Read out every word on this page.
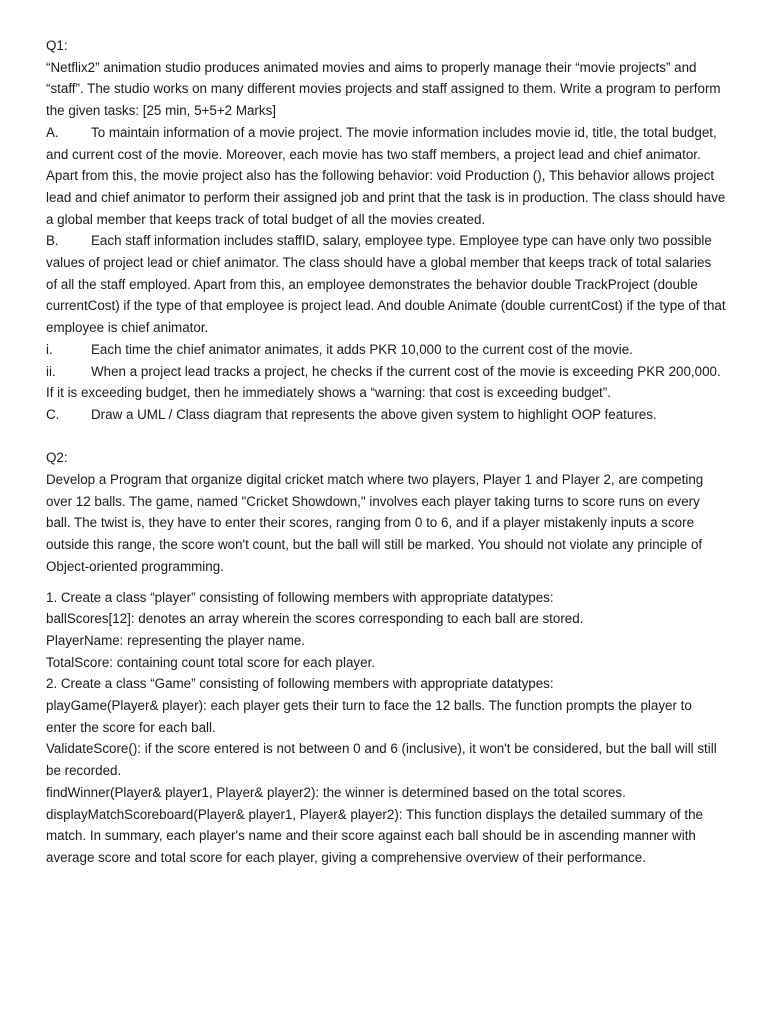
Q1:

“Netflix2” animation studio produces animated movies and aims to properly manage their “movie projects” and “staff”. The studio works on many different movies projects and staff assigned to them. Write a program to perform the given tasks: [25 min, 5+5+2 Marks]

A. To maintain information of a movie project. The movie information includes movie id, title, the total budget, and current cost of the movie. Moreover, each movie has two staff members, a project lead and chief animator. Apart from this, the movie project also has the following behavior: void Production (), This behavior allows project lead and chief animator to perform their assigned job and print that the task is in production. The class should have a global member that keeps track of total budget of all the movies created.

B. Each staff information includes staffID, salary, employee type. Employee type can have only two possible values of project lead or chief animator. The class should have a global member that keeps track of total salaries of all the staff employed. Apart from this, an employee demonstrates the behavior double TrackProject (double currentCost) if the type of that employee is project lead. And double Animate (double currentCost) if the type of that employee is chief animator.

i.	Each time the chief animator animates, it adds PKR 10,000 to the current cost of the movie.

ii.	When a project lead tracks a project, he checks if the current cost of the movie is exceeding PKR 200,000. If it is exceeding budget, then he immediately shows a “warning: that cost is exceeding budget”.

C. Draw a UML / Class diagram that represents the above given system to highlight OOP features.

Q2:

Develop a Program that organize digital cricket match where two players, Player 1 and Player 2, are competing over 12 balls. The game, named "Cricket Showdown," involves each player taking turns to score runs on every ball. The twist is, they have to enter their scores, ranging from 0 to 6, and if a player mistakenly inputs a score outside this range, the score won't count, but the ball will still be marked. You should not violate any principle of Object-oriented programming.

1. Create a class “player” consisting of following members with appropriate datatypes:

ballScores[12]: denotes an array wherein the scores corresponding to each ball are stored.

PlayerName: representing the player name.

TotalScore: containing count total score for each player.

2. Create a class “Game” consisting of following members with appropriate datatypes:

playGame(Player& player): each player gets their turn to face the 12 balls. The function prompts the player to enter the score for each ball.

ValidateScore(): if the score entered is not between 0 and 6 (inclusive), it won't be considered, but the ball will still be recorded.

findWinner(Player& player1, Player& player2): the winner is determined based on the total scores.

displayMatchScoreboard(Player& player1, Player& player2): This function displays the detailed summary of the match. In summary, each player's name and their score against each ball should be in ascending manner with average score and total score for each player, giving a comprehensive overview of their performance.
